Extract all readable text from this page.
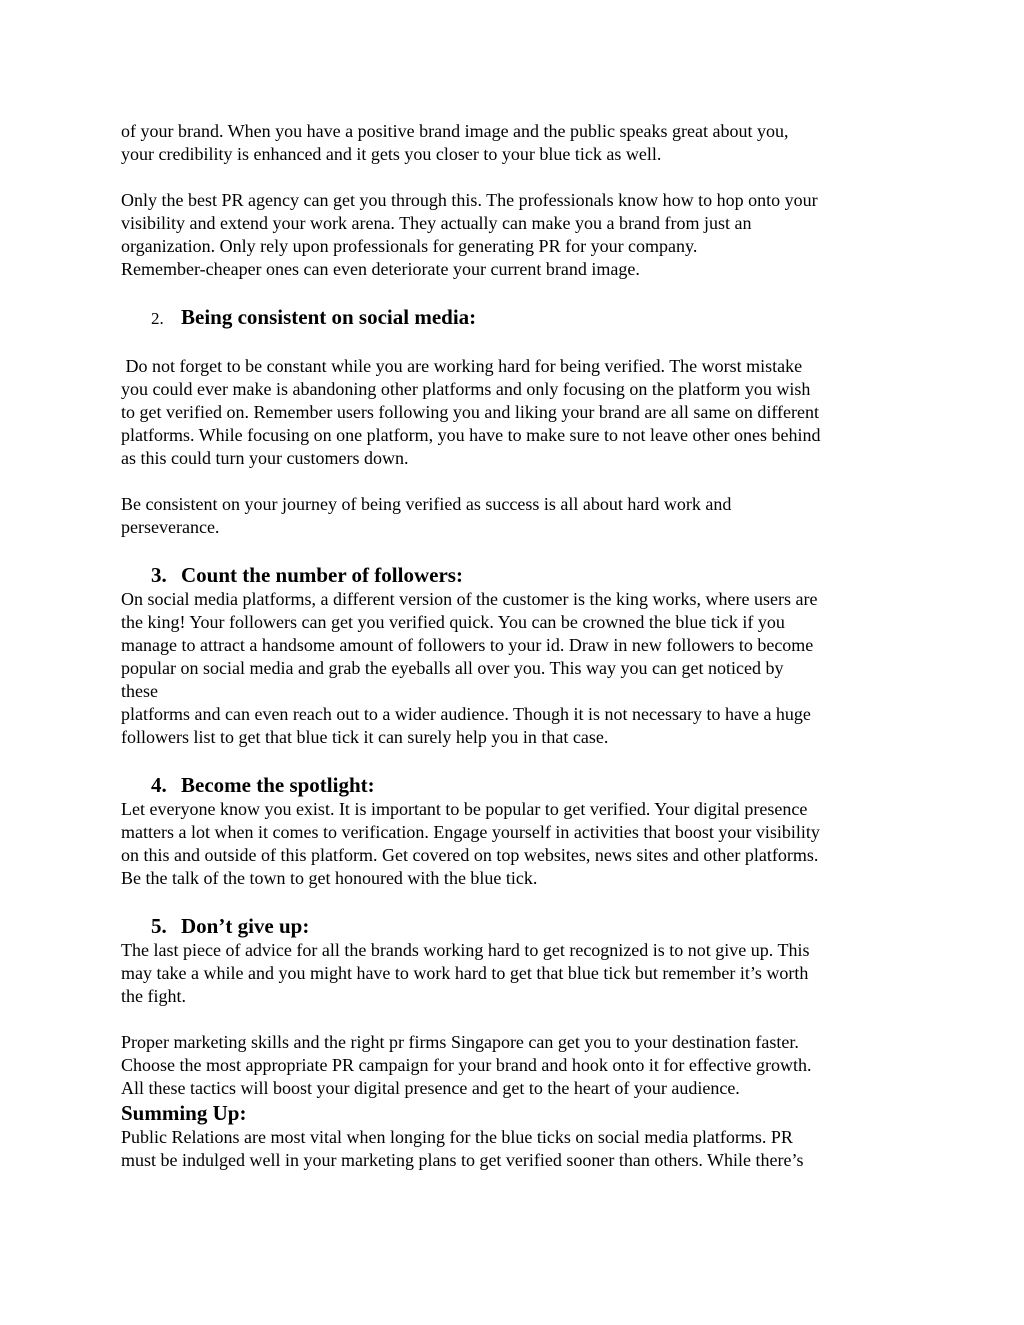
of your brand. When you have a positive brand image and the public speaks great about you,
your credibility is enhanced and it gets you closer to your blue tick as well.

Only the best PR agency can get you through this. The professionals know how to hop onto your
visibility and extend your work arena. They actually can make you a brand from just an
organization. Only rely upon professionals for generating PR for your company.
Remember-cheaper ones can even deteriorate your current brand image.

2. Being consistent on social media:

Do not forget to be constant while you are working hard for being verified. The worst mistake
you could ever make is abandoning other platforms and only focusing on the platform you wish
to get verified on. Remember users following you and liking your brand are all same on different
platforms. While focusing on one platform, you have to make sure to not leave other ones behind
as this could turn your customers down.

Be consistent on your journey of being verified as success is all about hard work and
perseverance.

3. Count the number of followers:

On social media platforms, a different version of the customer is the king works, where users are
the king! Your followers can get you verified quick. You can be crowned the blue tick if you
manage to attract a handsome amount of followers to your id. Draw in new followers to become
popular on social media and grab the eyeballs all over you. This way you can get noticed by
these
platforms and can even reach out to a wider audience. Though it is not necessary to have a huge
followers list to get that blue tick it can surely help you in that case.

4. Become the spotlight:

Let everyone know you exist. It is important to be popular to get verified. Your digital presence
matters a lot when it comes to verification. Engage yourself in activities that boost your visibility
on this and outside of this platform. Get covered on top websites, news sites and other platforms.
Be the talk of the town to get honoured with the blue tick.

5. Don’t give up:

The last piece of advice for all the brands working hard to get recognized is to not give up. This
may take a while and you might have to work hard to get that blue tick but remember it’s worth
the fight.

Proper marketing skills and the right pr firms Singapore can get you to your destination faster.
Choose the most appropriate PR campaign for your brand and hook onto it for effective growth.
All these tactics will boost your digital presence and get to the heart of your audience.

Summing Up:

Public Relations are most vital when longing for the blue ticks on social media platforms. PR
must be indulged well in your marketing plans to get verified sooner than others. While there’s
